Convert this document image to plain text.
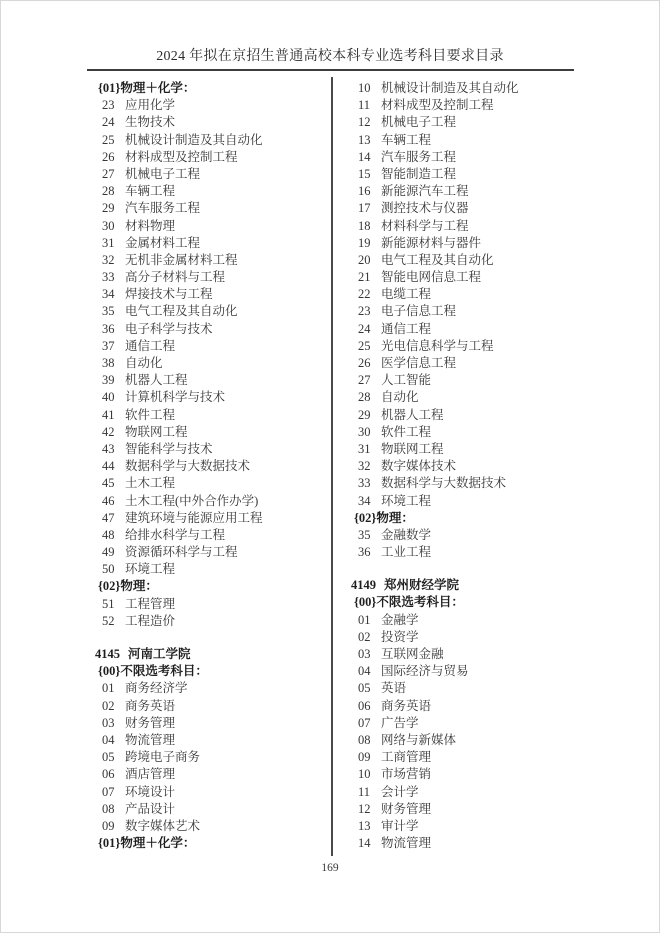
2024 年拟在京招生普通高校本科专业选考科目要求目录
{01}物理＋化学：
23 应用化学
24 生物技术
25 机械设计制造及其自动化
26 材料成型及控制工程
27 机械电子工程
28 车辆工程
29 汽车服务工程
30 材料物理
31 金属材料工程
32 无机非金属材料工程
33 高分子材料与工程
34 焊接技术与工程
35 电气工程及其自动化
36 电子科学与技术
37 通信工程
38 自动化
39 机器人工程
40 计算机科学与技术
41 软件工程
42 物联网工程
43 智能科学与技术
44 数据科学与大数据技术
45 土木工程
46 土木工程(中外合作办学)
47 建筑环境与能源应用工程
48 给排水科学与工程
49 资源循环科学与工程
50 环境工程
{02}物理：
51 工程管理
52 工程造价
4145 河南工学院
{00}不限选考科目：
01 商务经济学
02 商务英语
03 财务管理
04 物流管理
05 跨境电子商务
06 酒店管理
07 环境设计
08 产品设计
09 数字媒体艺术
{01}物理＋化学：
10 机械设计制造及其自动化
11 材料成型及控制工程
12 机械电子工程
13 车辆工程
14 汽车服务工程
15 智能制造工程
16 新能源汽车工程
17 测控技术与仪器
18 材料科学与工程
19 新能源材料与器件
20 电气工程及其自动化
21 智能电网信息工程
22 电缆工程
23 电子信息工程
24 通信工程
25 光电信息科学与工程
26 医学信息工程
27 人工智能
28 自动化
29 机器人工程
30 软件工程
31 物联网工程
32 数字媒体技术
33 数据科学与大数据技术
34 环境工程
{02}物理：
35 金融数学
36 工业工程
4149 郑州财经学院
{00}不限选考科目：
01 金融学
02 投资学
03 互联网金融
04 国际经济与贸易
05 英语
06 商务英语
07 广告学
08 网络与新媒体
09 工商管理
10 市场营销
11 会计学
12 财务管理
13 审计学
14 物流管理
169
